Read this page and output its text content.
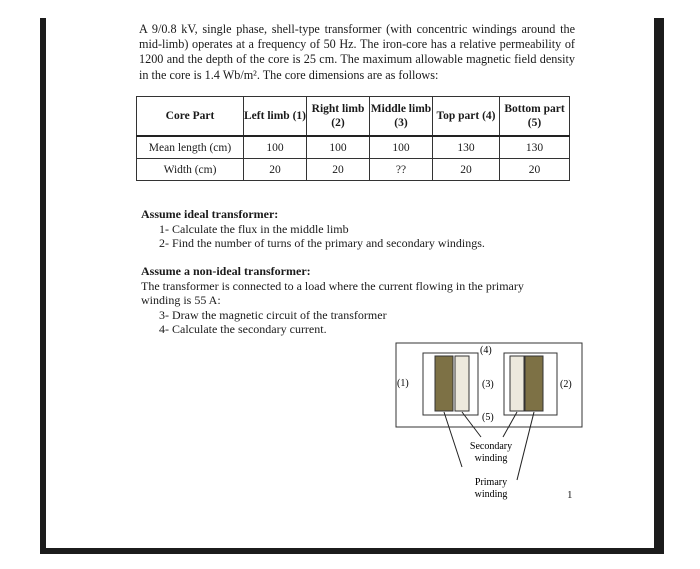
A 9/0.8 kV, single phase, shell-type transformer (with concentric windings around the mid-limb) operates at a frequency of 50 Hz. The iron-core has a relative permeability of 1200 and the depth of the core is 25 cm. The maximum allowable magnetic field density in the core is 1.4 Wb/m². The core dimensions are as follows:

Core Part	Left limb (1)	Right limb (2)	Middle limb (3)	Top part (4)	Bottom part (5)
Mean length (cm)	100	100	100	130	130
Width (cm)	20	20	??	20	20
Assume ideal transformer:
1- Calculate the flux in the middle limb
2- Find the number of turns of the primary and secondary windings.
Assume a non-ideal transformer:
The transformer is connected to a load where the current flowing in the primary winding is 55 A:
3- Draw the magnetic circuit of the transformer
4- Calculate the secondary current.
(4)
(1)	(3)	(2)
(5)
Secondary
winding
Primary
winding	1
